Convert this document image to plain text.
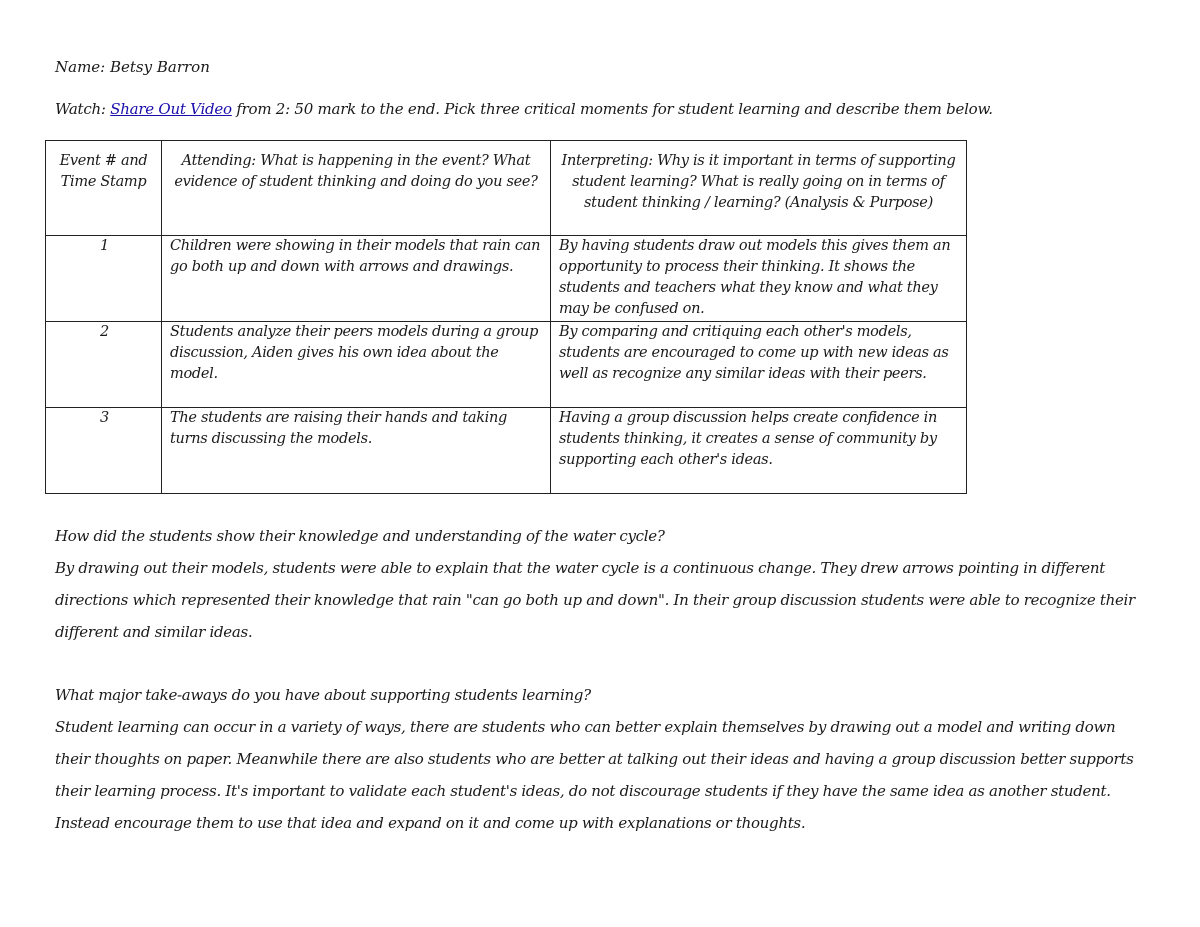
Name: Betsy Barron
Watch: Share Out Video from 2: 50 mark to the end. Pick three critical moments for student learning and describe them below.
Event # and Time Stamp	Attending: What is happening in the event? What evidence of student thinking and doing do you see?	Interpreting: Why is it important in terms of supporting student learning? What is really going on in terms of student thinking / learning? (Analysis & Purpose)
1	Children were showing in their models that rain can go both up and down with arrows and drawings.	By having students draw out models this gives them an opportunity to process their thinking. It shows the students and teachers what they know and what they may be confused on.
2	Students analyze their peers models during a group discussion, Aiden gives his own idea about the model.	By comparing and critiquing each other's models, students are encouraged to come up with new ideas as well as recognize any similar ideas with their peers.
3	The students are raising their hands and taking turns discussing the models.	Having a group discussion helps create confidence in students thinking, it creates a sense of community by supporting each other's ideas.

How did the students show their knowledge and understanding of the water cycle?

By drawing out their models, students were able to explain that the water cycle is a continuous change. They drew arrows pointing in different directions which represented their knowledge that rain "can go both up and down". In their group discussion students were able to recognize their different and similar ideas.

What major take-aways do you have about supporting students learning?

Student learning can occur in a variety of ways, there are students who can better explain themselves by drawing out a model and writing down their thoughts on paper. Meanwhile there are also students who are better at talking out their ideas and having a group discussion better supports their learning process. It's important to validate each student's ideas, do not discourage students if they have the same idea as another student. Instead encourage them to use that idea and expand on it and come up with explanations or thoughts.
